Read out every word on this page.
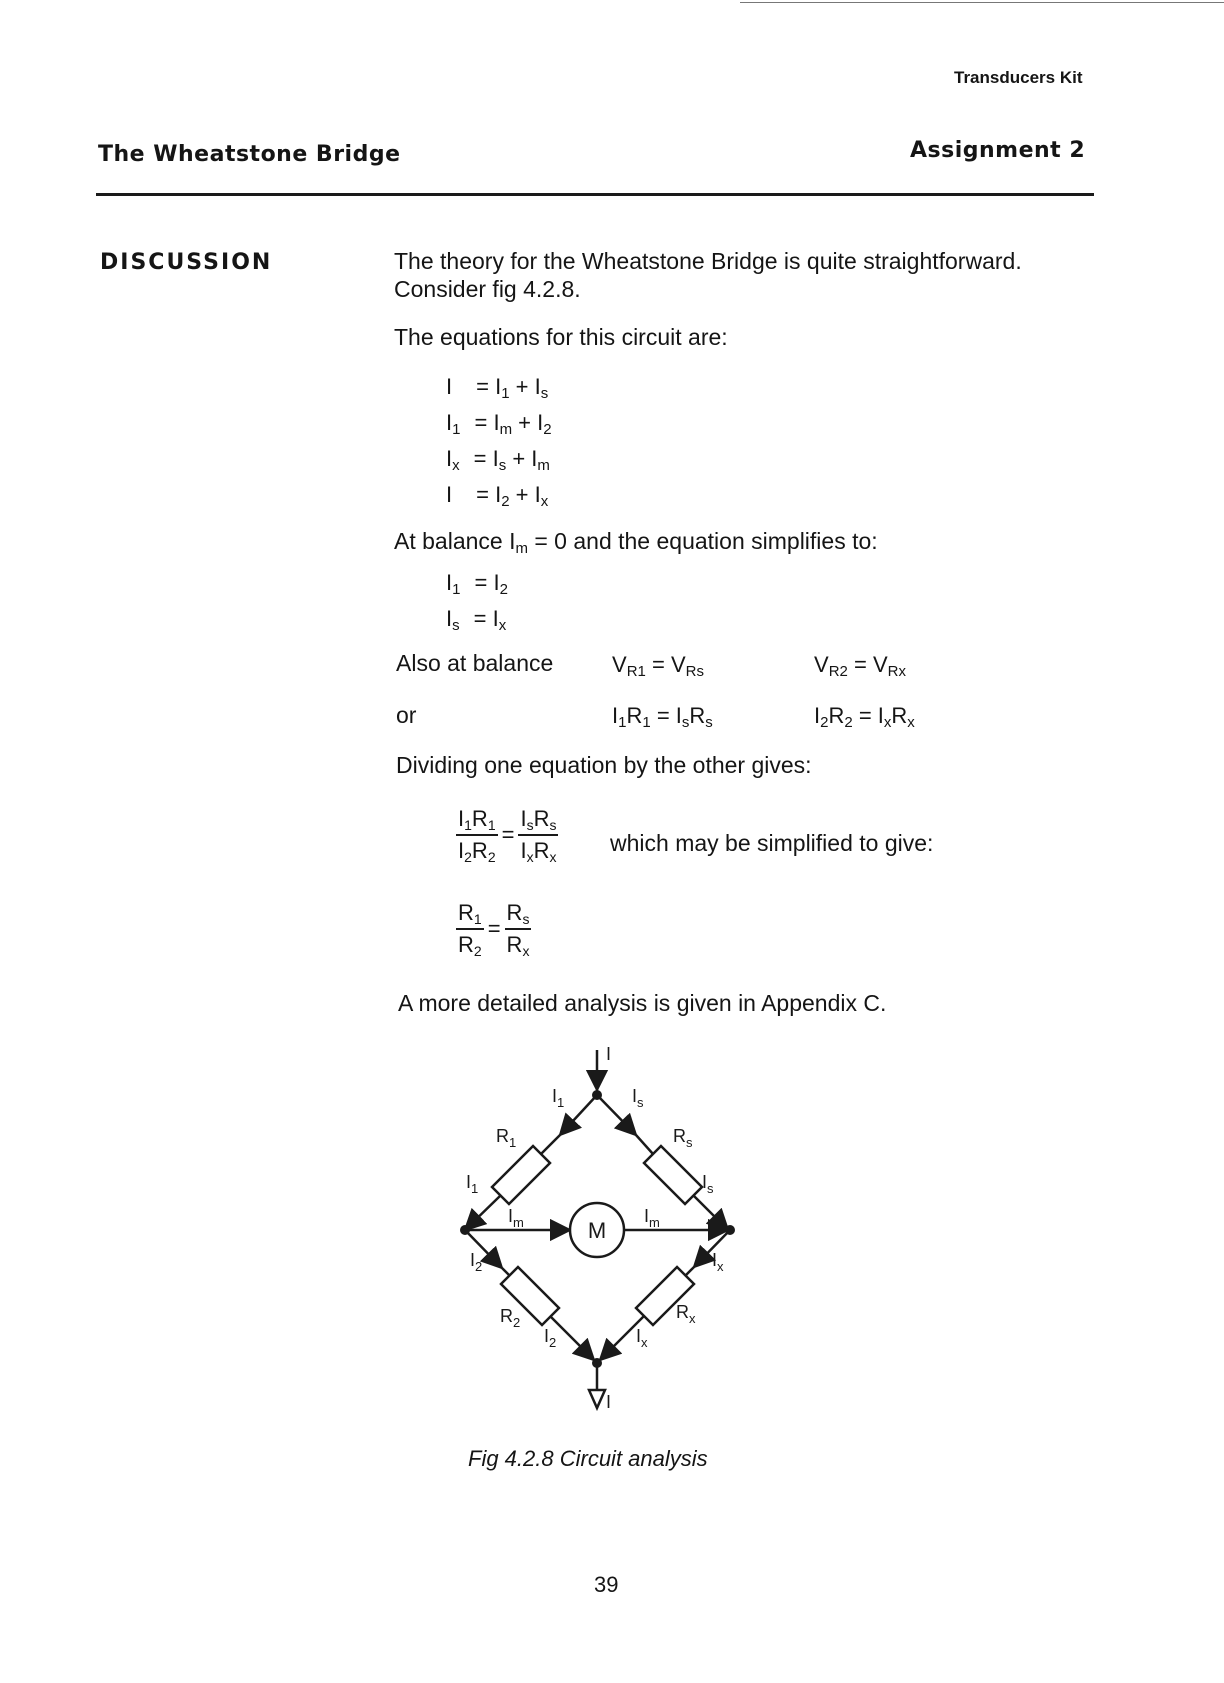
Transducers Kit
The Wheatstone Bridge	Assignment 2
DISCUSSION	The theory for the Wheatstone Bridge is quite straightforward.
Consider fig 4.2.8.
The equations for this circuit are:
$I = I_1 + I_s$
$I_1 = I_m + I_2$
$I_x = I_s + I_m$
$I = I_2 + I_x$
At balance $I_m = 0$ and the equation simplifies to:
$I_1 = I_2$
$I_s = I_x$
Also at balance	$V_{R1} = V_{Rs}$	$V_{R2} = V_{Rx}$
or	$I_1R_1 = I_sR_s$	$I_2R_2 = I_xR_x$
Dividing one equation by the other gives:
$\frac{I_1R_1}{I_2R_2} = \frac{I_sR_s}{I_xR_x}$ which may be simplified to give:
$\frac{R_1}{R_2} = \frac{R_s}{R_x}$
A more detailed analysis is given in Appendix C.
M
I
I
$I_1$	$I_s$
$R_1$	$R_s$
$I_1$	$I_s$
$I_m$	$I_m$
$I_2$	$I_x$
$R_2$
$R_x$
$I_2$	$I_x$
Fig 4.2.8 Circuit analysis
39
